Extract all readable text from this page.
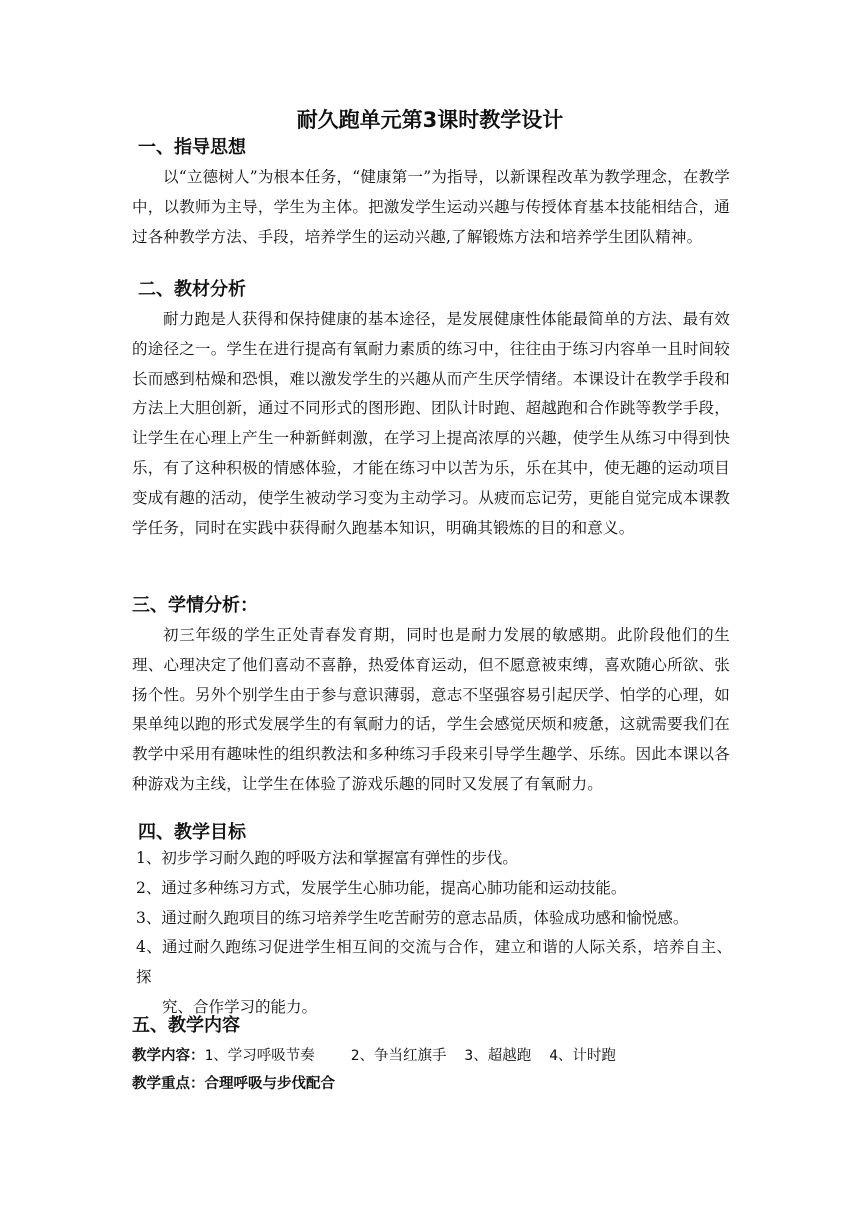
耐久跑单元第3课时教学设计
一、指导思想
以“立德树人”为根本任务，“健康第一”为指导，以新课程改革为教学理念，在教学中，以教师为主导，学生为主体。把激发学生运动兴趣与传授体育基本技能相结合，通过各种教学方法、手段，培养学生的运动兴趣,了解锻炼方法和培养学生团队精神。
二、教材分析
耐力跑是人获得和保持健康的基本途径，是发展健康性体能最简单的方法、最有效的途径之一。学生在进行提高有氧耐力素质的练习中，往往由于练习内容单一且时间较长而感到枯燥和恐惧，难以激发学生的兴趣从而产生厌学情绪。本课设计在教学手段和方法上大胆创新，通过不同形式的图形跑、团队计时跑、超越跑和合作跳等教学手段，让学生在心理上产生一种新鲜刺激，在学习上提高浓厚的兴趣，使学生从练习中得到快乐，有了这种积极的情感体验，才能在练习中以苦为乐，乐在其中，使无趣的运动项目变成有趣的活动，使学生被动学习变为主动学习。从疲而忘记劳，更能自觉完成本课教学任务，同时在实践中获得耐久跑基本知识，明确其锻炼的目的和意义。
三、学情分析：
初三年级的学生正处青春发育期，同时也是耐力发展的敏感期。此阶段他们的生理、心理决定了他们喜动不喜静，热爱体育运动，但不愿意被束缚，喜欢随心所欲、张扬个性。另外个别学生由于参与意识薄弱，意志不坚强容易引起厌学、怕学的心理，如果单纯以跑的形式发展学生的有氧耐力的话，学生会感觉厌烦和疲惫，这就需要我们在教学中采用有趣味性的组织教法和多种练习手段来引导学生趣学、乐练。因此本课以各种游戏为主线，让学生在体验了游戏乐趣的同时又发展了有氧耐力。
四、教学目标
1、初步学习耐久跑的呼吸方法和掌握富有弹性的步伐。
2、通过多种练习方式，发展学生心肺功能，提高心肺功能和运动技能。
3、通过耐久跑项目的练习培养学生吃苦耐劳的意志品质，体验成功感和愉悦感。
4、通过耐久跑练习促进学生相互间的交流与合作，建立和谐的人际关系，培养自主、探
究、合作学习的能力。
五、教学内容
教学内容：1、学习呼吸节奏 2、争当红旗手 3、超越跑 4、计时跑
教学重点：合理呼吸与步伐配合
